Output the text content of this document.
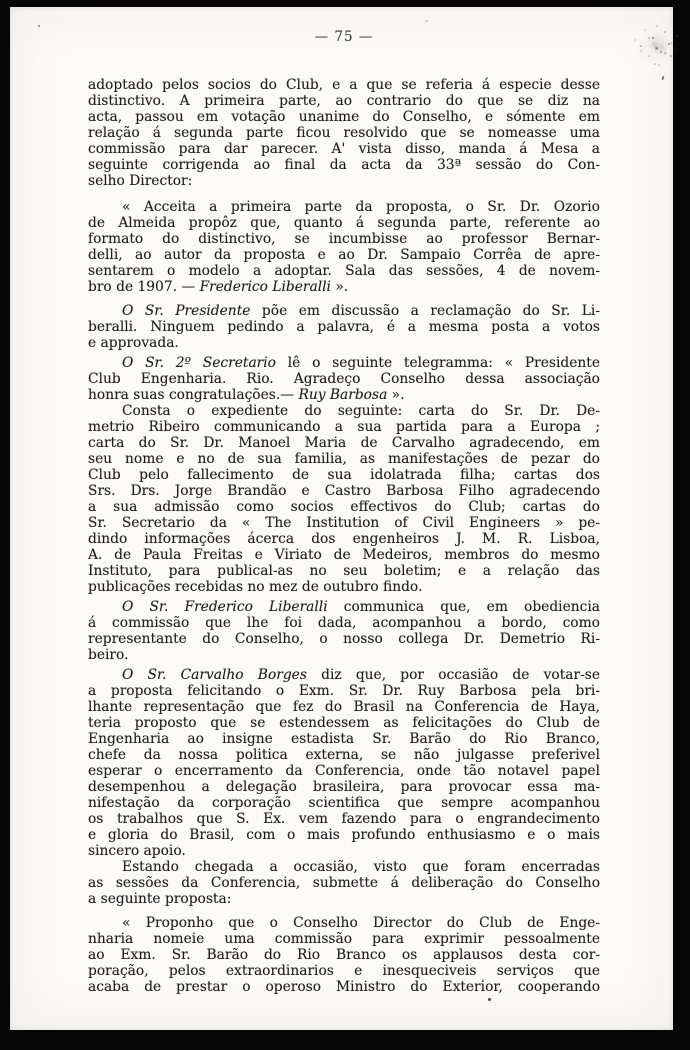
— 75 —

adoptado pelos socios do Club, e a que se referia á especie desse
distinctivo. A primeira parte, ao contrario do que se diz na
acta, passou em votação unanime do Conselho, e sómente em
relação á segunda parte ficou resolvido que se nomeasse uma
commissão para dar parecer. A' vista disso, manda á Mesa a
seguinte corrigenda ao final da acta da 33ª sessão do Con-
selho Director:

« Acceita a primeira parte da proposta, o Sr. Dr. Ozorio
de Almeida propôz que, quanto á segunda parte, referente ao
formato do distinctivo, se incumbisse ao professor Bernar-
delli, ao autor da proposta e ao Dr. Sampaio Corrêa de apre-
sentarem o modelo a adoptar. Sala das sessões, 4 de novem-
bro de 1907. — Frederico Liberalli ».

O Sr. Presidente põe em discussão a reclamação do Sr. Li-
beralli. Ninguem pedindo a palavra, é a mesma posta a votos
e approvada.

O Sr. 2º Secretario lê o seguinte telegramma: « Presidente
Club Engenharia. Rio. Agradeço Conselho dessa associação
honra suas congratulações.— Ruy Barbosa ».

Consta o expediente do seguinte: carta do Sr. Dr. De-
metrio Ribeiro communicando a sua partida para a Europa ;
carta do Sr. Dr. Manoel Maria de Carvalho agradecendo, em
seu nome e no de sua familia, as manifestações de pezar do
Club pelo fallecimento de sua idolatrada filha; cartas dos
Srs. Drs. Jorge Brandão e Castro Barbosa Filho agradecendo
a sua admissão como socios effectivos do Club; cartas do
Sr. Secretario da « The Institution of Civil Engineers » pe-
dindo informações ácerca dos engenheiros J. M. R. Lisboa,
A. de Paula Freitas e Viriato de Medeiros, membros do mesmo
Instituto, para publical-as no seu boletim; e a relação das
publicações recebidas no mez de outubro findo.

O Sr. Frederico Liberalli communica que, em obediencia
á commissão que lhe foi dada, acompanhou a bordo, como
representante do Conselho, o nosso collega Dr. Demetrio Ri-
beiro.

O Sr. Carvalho Borges diz que, por occasião de votar-se
a proposta felicitando o Exm. Sr. Dr. Ruy Barbosa pela bri-
lhante representação que fez do Brasil na Conferencia de Haya,
teria proposto que se estendessem as felicitações do Club de
Engenharia ao insigne estadista Sr. Barão do Rio Branco,
chefe da nossa politica externa, se não julgasse preferivel
esperar o encerramento da Conferencia, onde tão notavel papel
desempenhou a delegação brasileira, para provocar essa ma-
nifestação da corporação scientifica que sempre acompanhou
os trabalhos que S. Ex. vem fazendo para o engrandecimento
e gloria do Brasil, com o mais profundo enthusiasmo e o mais
sincero apoio.

Estando chegada a occasião, visto que foram encerradas
as sessões da Conferencia, submette á deliberação do Conselho
a seguinte proposta:

« Proponho que o Conselho Director do Club de Enge-
nharia nomeie uma commissão para exprimir pessoalmente
ao Exm. Sr. Barão do Rio Branco os applausos desta cor-
poração, pelos extraordinarios e inesqueciveis serviços que
acaba de prestar o operoso Ministro do Exterior, cooperando
